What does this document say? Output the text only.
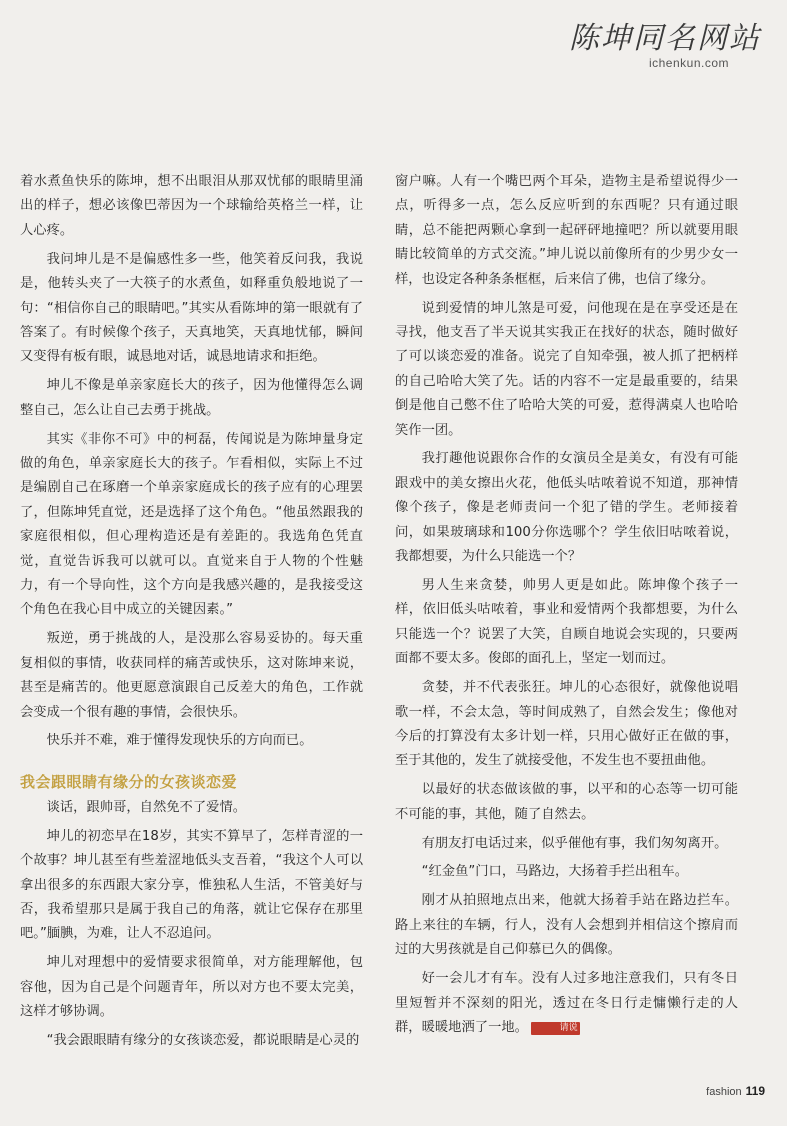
陈坤同名网站
ichenkun.com

着水煮鱼快乐的陈坤，想不出眼泪从那双忧郁的眼睛里涌出的样子，想必该像巴蒂因为一个球输给英格兰一样，让人心疼。

我问坤儿是不是偏感性多一些，他笑着反问我，我说是，他转头夹了一大筷子的水煮鱼，如释重负般地说了一句：“相信你自己的眼睛吧。”其实从看陈坤的第一眼就有了答案了。有时候像个孩子，天真地笑，天真地忧郁，瞬间又变得有板有眼，诚恳地对话，诚恳地请求和拒绝。

坤儿不像是单亲家庭长大的孩子，因为他懂得怎么调整自己，怎么让自己去勇于挑战。

其实《非你不可》中的柯磊，传闻说是为陈坤量身定做的角色，单亲家庭长大的孩子。乍看相似，实际上不过是编剧自己在琢磨一个单亲家庭成长的孩子应有的心理罢了，但陈坤凭直觉，还是选择了这个角色。“他虽然跟我的家庭很相似，但心理构造还是有差距的。我选角色凭直觉，直觉告诉我可以就可以。直觉来自于人物的个性魅力，有一个导向性，这个方向是我感兴趣的，是我接受这个角色在我心目中成立的关键因素。”

叛逆，勇于挑战的人，是没那么容易妥协的。每天重复相似的事情，收获同样的痛苦或快乐，这对陈坤来说，甚至是痛苦的。他更愿意演跟自己反差大的角色，工作就会变成一个很有趣的事情，会很快乐。

快乐并不难，难于懂得发现快乐的方向而已。

我会跟眼睛有缘分的女孩谈恋爱

谈话，跟帅哥，自然免不了爱情。

坤儿的初恋早在18岁，其实不算早了，怎样青涩的一个故事？坤儿甚至有些羞涩地低头支吾着，“我这个人可以拿出很多的东西跟大家分享，惟独私人生活，不管美好与否，我希望那只是属于我自己的角落，就让它保存在那里吧。”腼腆，为难，让人不忍追问。

坤儿对理想中的爱情要求很简单，对方能理解他，包容他，因为自己是个问题青年，所以对方也不要太完美，这样才够协调。

“我会跟眼睛有缘分的女孩谈恋爱，都说眼睛是心灵的

窗户嘛。人有一个嘴巴两个耳朵，造物主是希望说得少一点，听得多一点，怎么反应听到的东西呢？只有通过眼睛，总不能把两颗心拿到一起砰砰地撞吧？所以就要用眼睛比较简单的方式交流。”坤儿说以前像所有的少男少女一样，也设定各种条条框框，后来信了佛，也信了缘分。

说到爱情的坤儿煞是可爱，问他现在是在享受还是在寻找，他支吾了半天说其实我正在找好的状态，随时做好了可以谈恋爱的准备。说完了自知牵强，被人抓了把柄样的自己哈哈大笑了先。话的内容不一定是最重要的，结果倒是他自己憋不住了哈哈大笑的可爱，惹得满桌人也哈哈笑作一团。

我打趣他说跟你合作的女演员全是美女，有没有可能跟戏中的美女擦出火花，他低头咕哝着说不知道，那神情像个孩子，像是老师责问一个犯了错的学生。老师接着问，如果玻璃球和100分你选哪个？学生依旧咕哝着说，我都想要，为什么只能选一个？

男人生来贪婪，帅男人更是如此。陈坤像个孩子一样，依旧低头咕哝着，事业和爱情两个我都想要，为什么只能选一个？说罢了大笑，自顾自地说会实现的，只要两面都不要太多。俊郎的面孔上，坚定一划而过。

贪婪，并不代表张狂。坤儿的心态很好，就像他说唱歌一样，不会太急，等时间成熟了，自然会发生；像他对今后的打算没有太多计划一样，只用心做好正在做的事，至于其他的，发生了就接受他，不发生也不要扭曲他。

以最好的状态做该做的事，以平和的心态等一切可能不可能的事，其他，随了自然去。

有朋友打电话过来，似乎催他有事，我们匆匆离开。

“红金鱼”门口，马路边，大扬着手拦出租车。

刚才从拍照地点出来，他就大扬着手站在路边拦车。路上来往的车辆，行人，没有人会想到并相信这个擦肩而过的大男孩就是自己仰慕已久的偶像。

好一会儿才有车。没有人过多地注意我们，只有冬日里短暂并不深刻的阳光，透过在冬日行走慵懒行走的人群，暖暖地洒了一地。	请说

fashion 119
